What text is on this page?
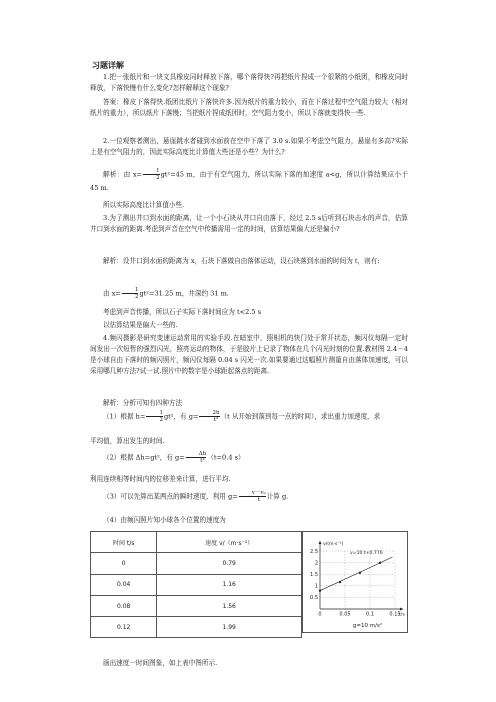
习题详解

1.把一张纸片和一块文具橡皮同时释放下落，哪个落得快?再把纸片捏成一个很紧的小纸团，和橡皮同时释放，下落快慢有什么变化?怎样解释这个现象?

答案：橡皮下落得快.纸团比纸片下落快许多.因为纸片的重力较小，而在下落过程中空气阻力较大（相对纸片的重力），所以纸片下落慢；当把纸片捏成纸团时，空气阻力变小，所以下落就变得快一些.

2.一位观察者测出，悬崖跳水者碰到水面前在空中下落了 3.0 s.如果不考虑空气阻力，悬崖有多高?实际上是有空气阻力的，因此实际高度比计算值大些还是小些？为什么?

解析：由 $x= \frac{1}{2} gt^2=45$ m，由于有空气阻力，所以实际下落的加速度 a<g，所以计算结果应小于 45 m.

所以实际高度比计算值小些.

3.为了测出井口到水面的距离，让一个小石块从井口自由落下，经过 2.5 s后听到石块击水的声音，估算井口到水面的距离.考虑到声音在空气中传播需用一定的时间，估算结果偏大还是偏小?

解析：设井口到水面的距离为 x，石块下落做自由落体运动，设石块落到水面的时间为 t，则有:

由 $x= \frac{1}{2} gt^2=31.25$ m，井深约 31 m.

考虑到声音传播，所以石子实际下落时间应为 t<2.5 s

以估算结果是偏大一些的.

4.频闪摄影是研究变速运动常用的实验手段.在暗室中，照相机的快门处于常开状态，频闪仪每隔一定时间发出一次短暂的强烈闪光，照亮运动的物体，于是胶片上记录了物体在几个闪光时刻的位置.教材图 2.4－4 是小球自由下落时的频闪照片，频闪仪每隔 0.04 s 闪光一次.如果要通过这幅照片测量自由落体加速度，可以采用哪几种方法?试一试.照片中的数字是小球距起落点的距离.

解析：分析可知有四种方法

（1）根据 $h= \frac{1}{2} gt^2$，有 $g= \frac{2h}{\text{t²}} (t$ 从开始到落到每一点的时间），求出重力加速度，求

平均值，算出发生的时间.

（2）根据 Δh=gt²，有 $g= \frac{\Delta h}{\text{t²}} (t=0.4$ s）

利用连续相等时间内的位移差来计算，进行平均.

（3）可以先算出某两点的瞬时速度，利用 $g= \frac{\text{v－v₀}}{t}$ 计算 g.

（4）由频闪照片知小球各个位置的速度为

时间 t/s	速度 v/（m·s⁻¹）
0	0.79
0.04	1.16
0.08	1.56
0.12	1.99
0.5
1
1.5
2
2.5
0	0.05	0.1	0.15
v/(m·s⁻¹)
t/s
v=10 t+0.776
g=10 m/s²
画出速度一时间图象，如上表中图所示.
